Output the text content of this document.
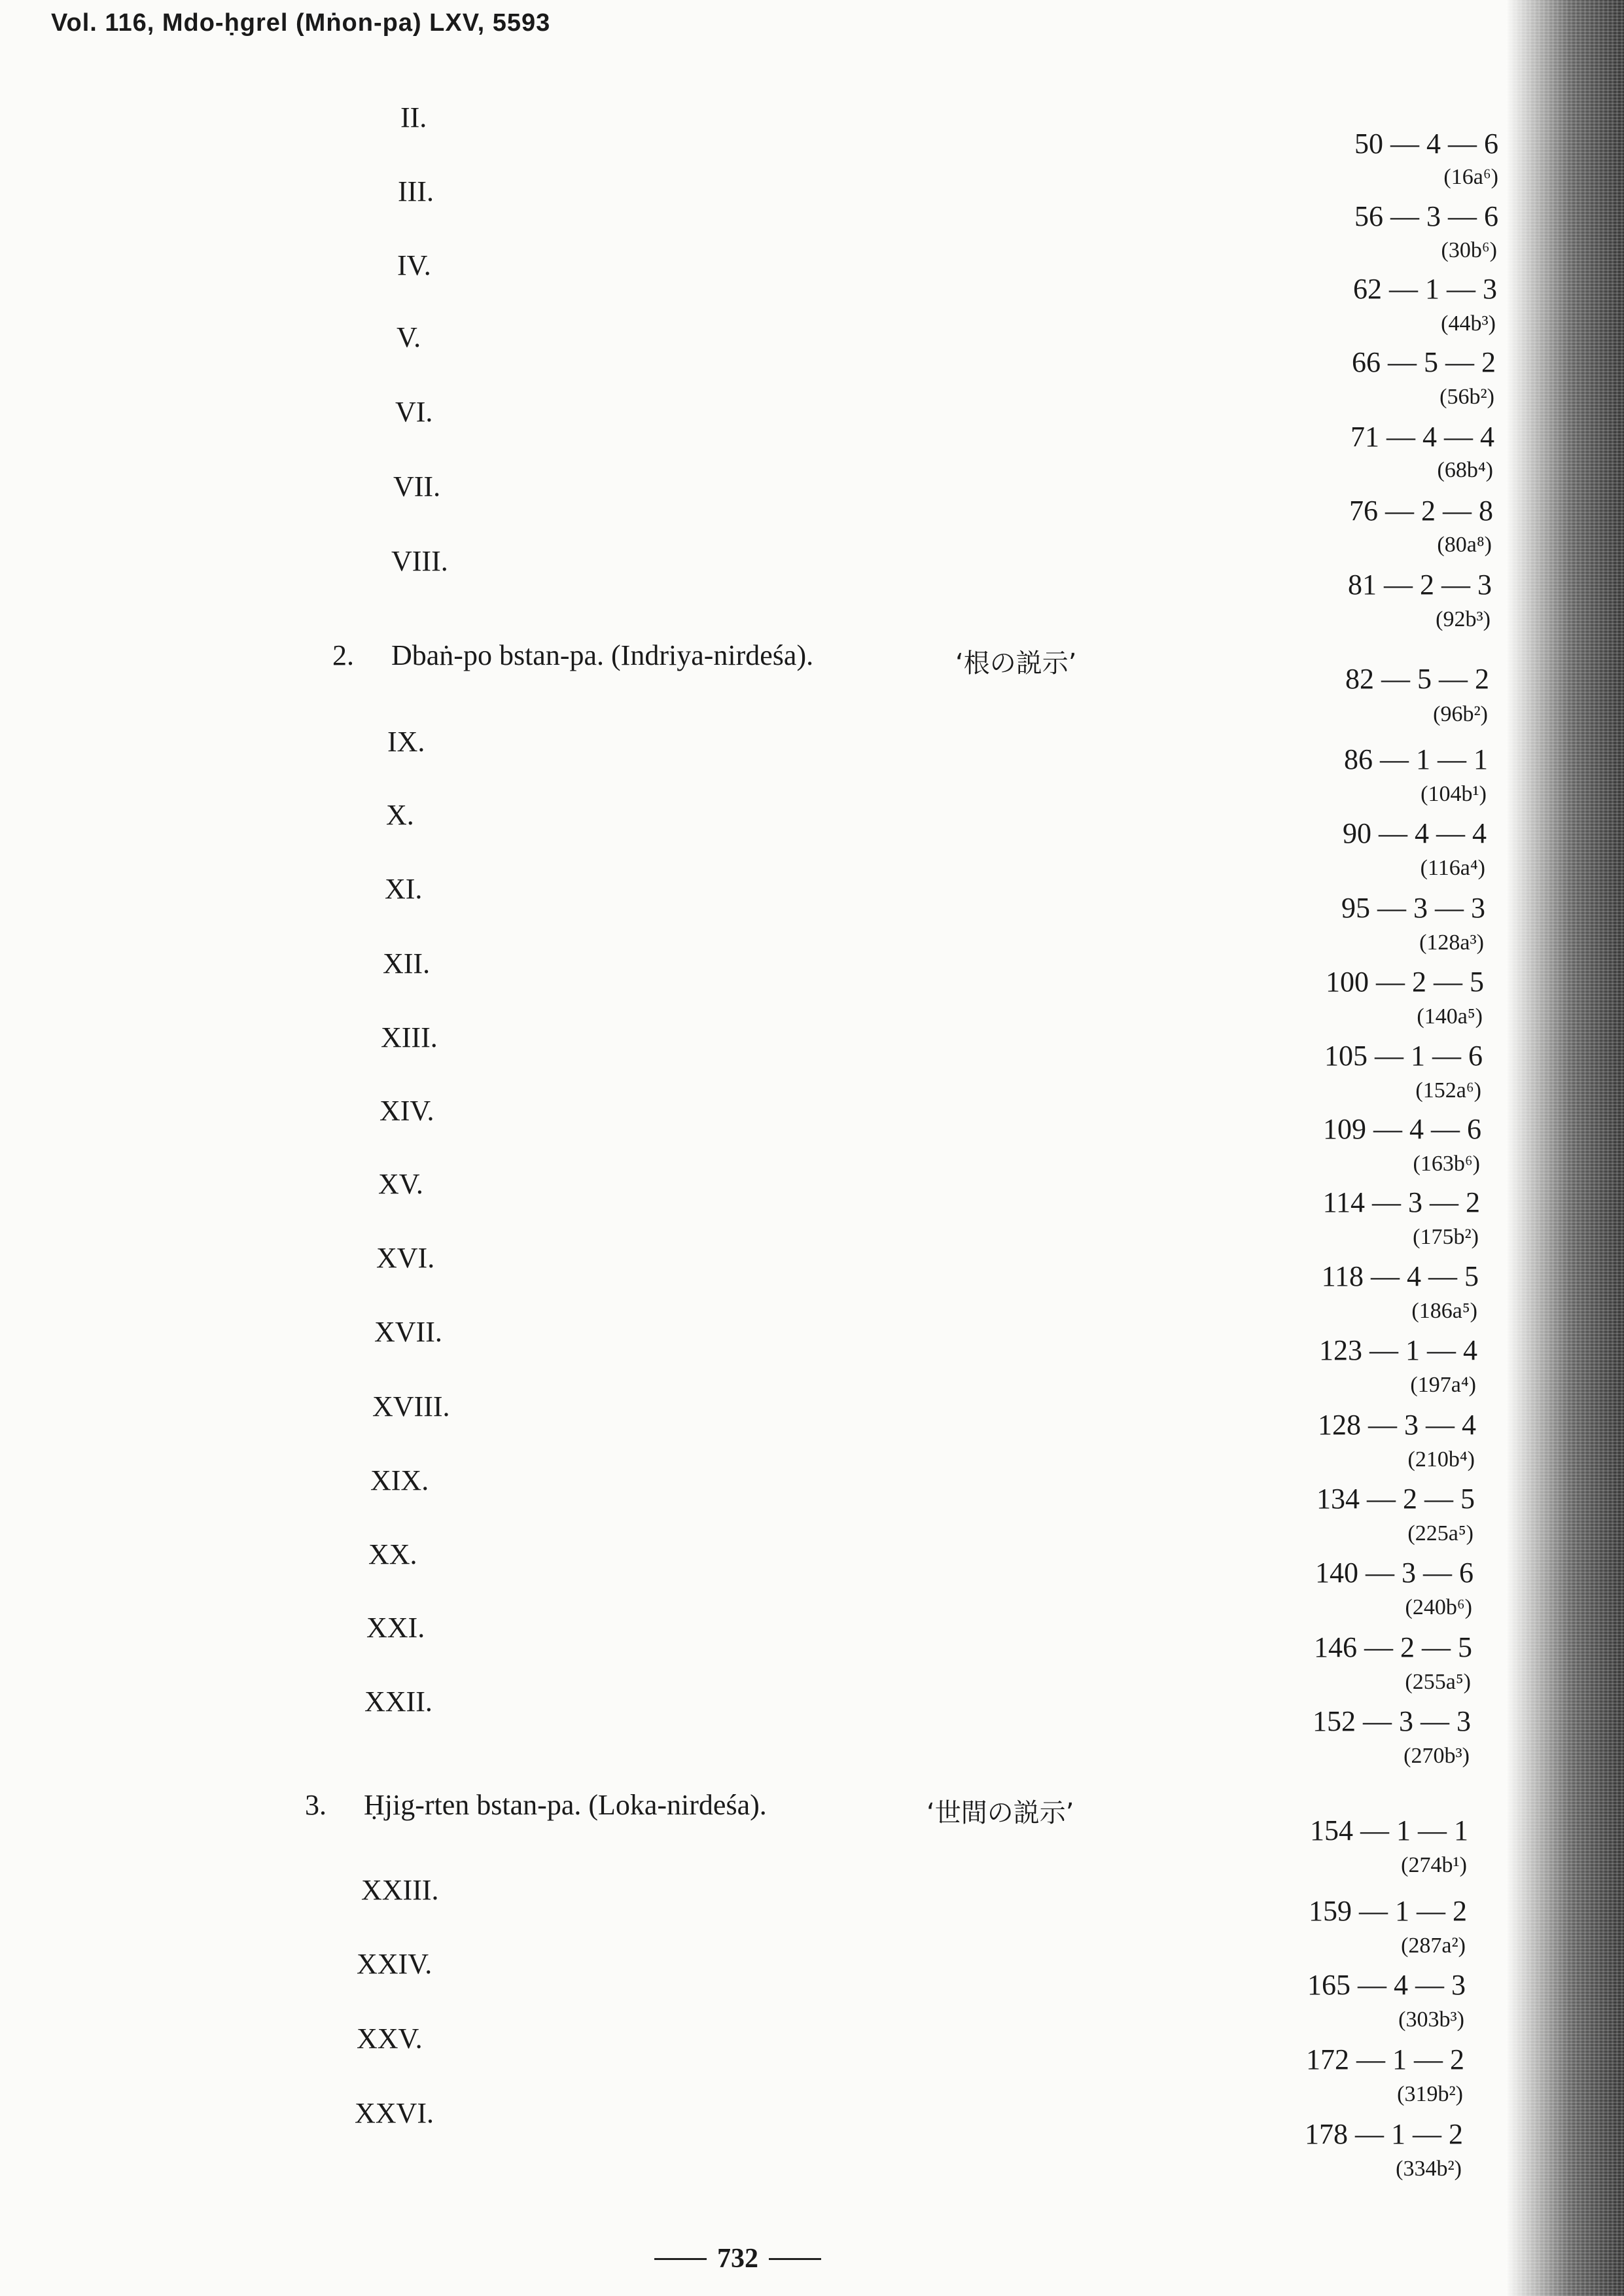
Vol. 116, Mdo-ḥgrel (Mṅon-pa) LXV, 5593
II.
III.
IV.
V.
VI.
VII.
VIII.
2. Dbaṅ-po bstan-pa. (Indriya-nirdeśa).	‘根の説示’
IX.
X.
XI.
XII.
XIII.
XIV.
XV.
XVI.
XVII.
XVIII.
XIX.
XX.
XXI.
XXII.
3. Ḥjig-rten bstan-pa. (Loka-nirdeśa).	‘世間の説示’
XXIII.
XXIV.
XXV.
XXVI.
50 — 4 — 6
(16a⁶)
56 — 3 — 6
(30b⁶)
62 — 1 — 3
(44b³)
66 — 5 — 2
(56b²)
71 — 4 — 4
(68b⁴)
76 — 2 — 8
(80a⁸)
81 — 2 — 3
(92b³)
82 — 5 — 2
(96b²)
86 — 1 — 1
(104b¹)
90 — 4 — 4
(116a⁴)
95 — 3 — 3
(128a³)
100 — 2 — 5
(140a⁵)
105 — 1 — 6
(152a⁶)
109 — 4 — 6
(163b⁶)
114 — 3 — 2
(175b²)
118 — 4 — 5
(186a⁵)
123 — 1 — 4
(197a⁴)
128 — 3 — 4
(210b⁴)
134 — 2 — 5
(225a⁵)
140 — 3 — 6
(240b⁶)
146 — 2 — 5
(255a⁵)
152 — 3 — 3
(270b³)
154 — 1 — 1
(274b¹)
159 — 1 — 2
(287a²)
165 — 4 — 3
(303b³)
172 — 1 — 2
(319b²)
178 — 1 — 2
(334b²)
732
